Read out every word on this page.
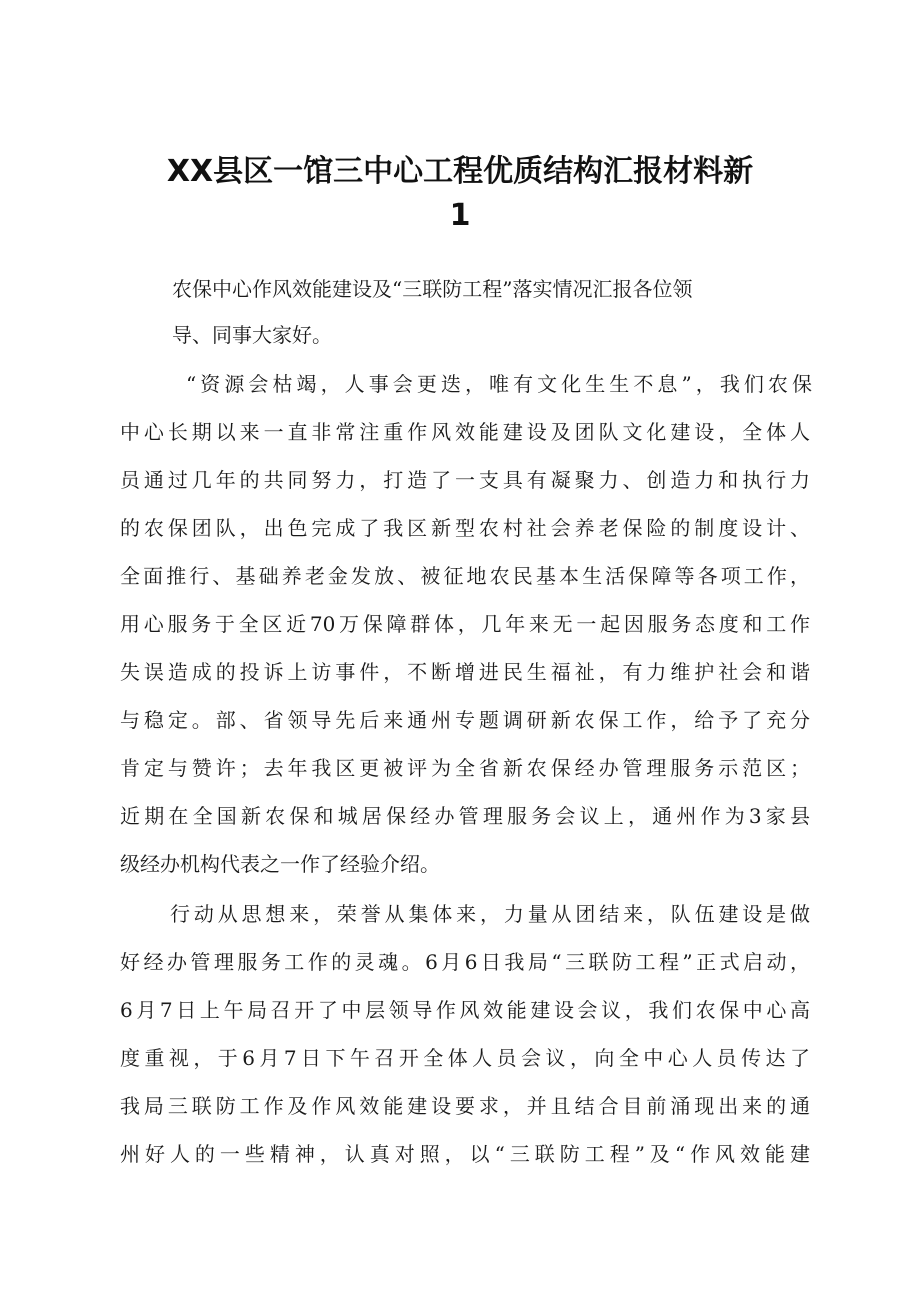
XX县区一馆三中心工程优质结构汇报材料新
1

农保中心作风效能建设及“三联防工程”落实情况汇报各位领

导、同事大家好。

“资源会枯竭，人事会更迭，唯有文化生生不息”，我们农保

中心长期以来一直非常注重作风效能建设及团队文化建设，全体人

员通过几年的共同努力，打造了一支具有凝聚力、创造力和执行力

的农保团队，出色完成了我区新型农村社会养老保险的制度设计、

全面推行、基础养老金发放、被征地农民基本生活保障等各项工作，

用心服务于全区近70万保障群体，几年来无一起因服务态度和工作

失误造成的投诉上访事件，不断增进民生福祉，有力维护社会和谐

与稳定。部、省领导先后来通州专题调研新农保工作，给予了充分

肯定与赞许；去年我区更被评为全省新农保经办管理服务示范区；

近期在全国新农保和城居保经办管理服务会议上，通州作为3家县

级经办机构代表之一作了经验介绍。

行动从思想来，荣誉从集体来，力量从团结来，队伍建设是做

好经办管理服务工作的灵魂。6月6日我局“三联防工程”正式启动，

6月7日上午局召开了中层领导作风效能建设会议，我们农保中心高

度重视，于6月7日下午召开全体人员会议，向全中心人员传达了

我局三联防工作及作风效能建设要求，并且结合目前涌现出来的通

州好人的一些精神，认真对照，以“三联防工程”及“作风效能建
